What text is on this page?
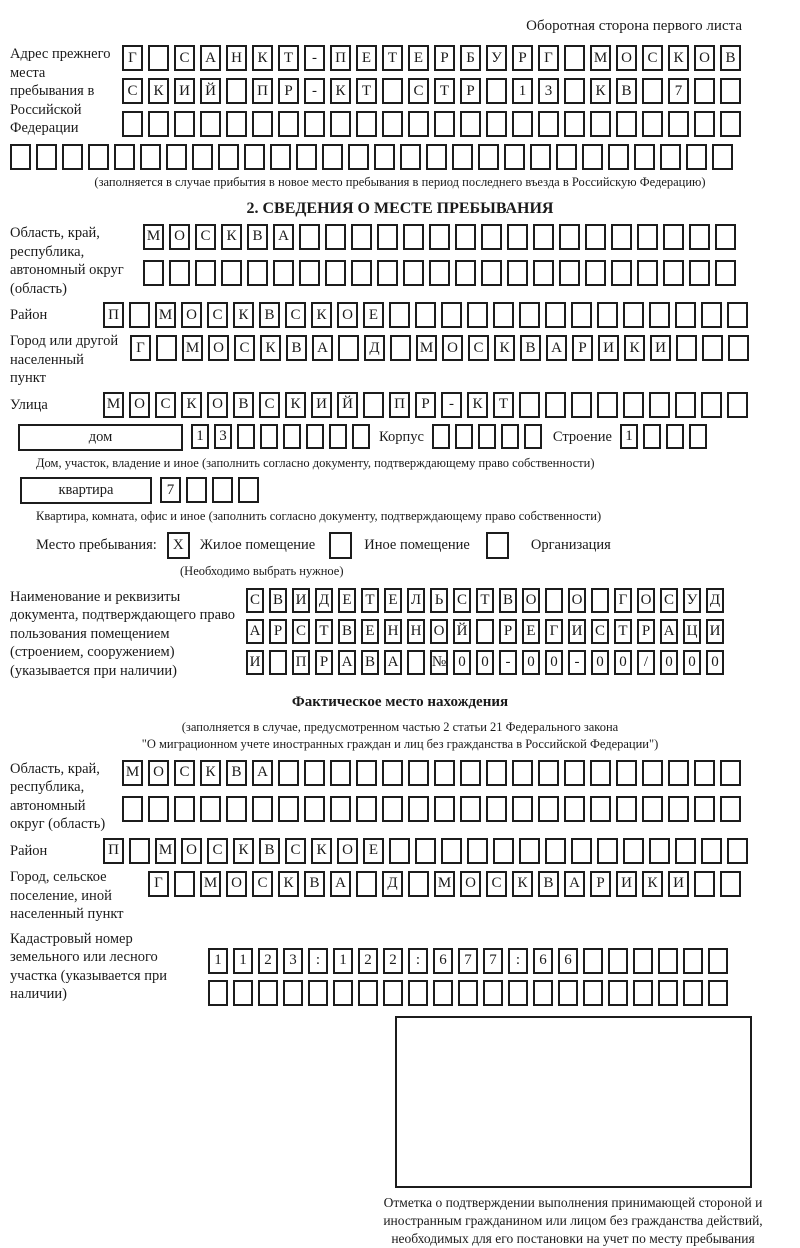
Оборотная сторона первого листа
Адрес прежнего места пребывания в Российской Федерации
Г	С	А	Н	К	Т	-	П	Е	Т	Е	Р	Б	У	Р	Г	М О	С	К	О	В
С	К	И	Й	П	Р	-	К	Т	С	Т	Р	1	3	К	В	7
(заполняется в случае прибытия в новое место пребывания в период последнего въезда в Российскую Федерацию)
2. СВЕДЕНИЯ О МЕСТЕ ПРЕБЫВАНИЯ
Область, край, республика, автономный округ (область)
М О	С	К	В	А
Район	П	М О	С	К	В	С	К	О	Е
Город или другой населенный пункт
Г	М О	С	К	В	А	Д	М О	С	К	В	А	Р	И	К	И
Улица	М О	С	К	О	В	С	К	И	Й	П	Р	-	К	Т
дом	1	3	Корпус	Строение 1
Дом, участок, владение и иное (заполнить согласно документу, подтверждающему право собственности)
квартира	7
Квартира, комната, офис и иное (заполнить согласно документу, подтверждающему право собственности)
Место пребывания:	X	Жилое помещение	Иное помещение	Организация
(Необходимо выбрать нужное)
Наименование и реквизиты документа, подтверждающего право пользования помещением (строением, сооружением) (указывается при наличии)
С В И Д Е Т Е Л Ь С Т В О О	Г О С У Д
А Р С Т В Е Н Н О Й	Р Е Г И С Т Р А Ц И
И П Р А В А № 0	0	-	0	0	-	0	0	/	0	0	0
Фактическое место нахождения
(заполняется в случае, предусмотренном частью 2 статьи 21 Федерального закона
"О миграционном учете иностранных граждан и лиц без гражданства в Российской Федерации")
Область, край, республика, автономный округ (область)
М О	С	К	В	А
Район	П	М О	С	К	В	С	К	О	Е
Город, сельское поселение, иной населенный пункт
Г	М О	С	К	В	А	Д	М О	С	К	В	А	Р	И	К	И
Кадастровый номер земельного или лесного участка (указывается при наличии)
1	1	2	3	:	1	2	2	:	6	7	7	:	6	6
Отметка о подтверждении выполнения принимающей стороной и иностранным гражданином или лицом без гражданства действий, необходимых для его постановки на учет по месту пребывания
